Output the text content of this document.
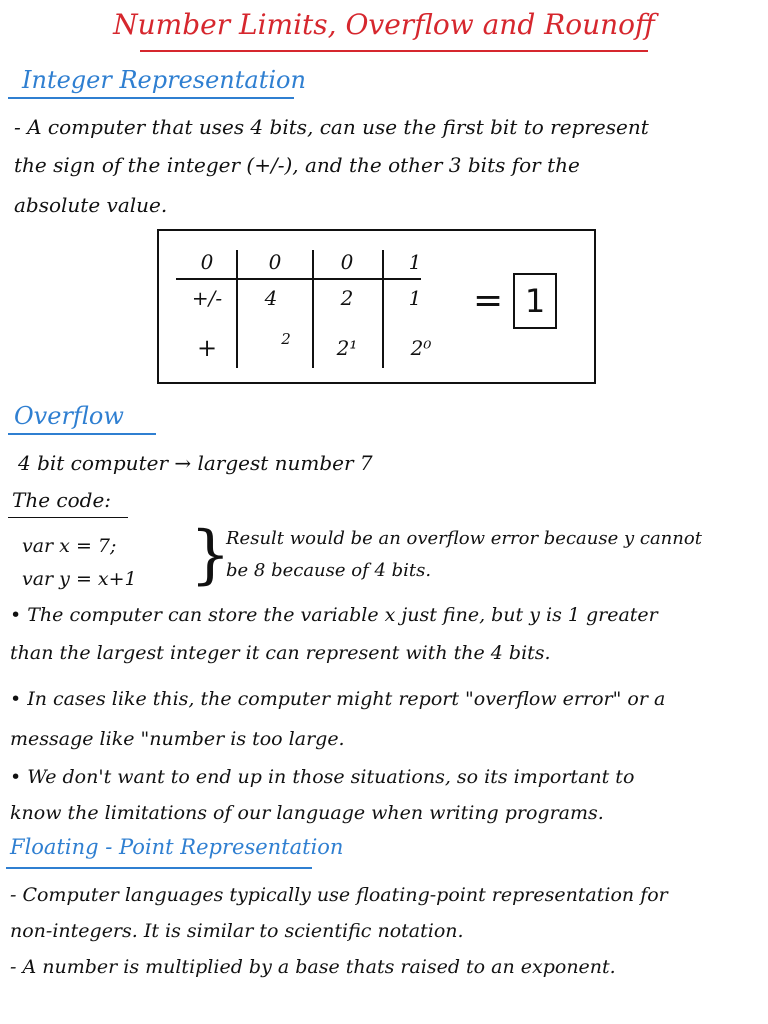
Number Limits, Overflow and Rounoff
Integer Representation
- A computer that uses 4 bits, can use the first bit to represent
the sign of the integer (+/-), and the other 3 bits for the
absolute value.
0	0	0	1
+/-	4	2	1
+	2	2¹	2⁰
= 1
Overflow
4 bit computer → largest number 7
The code:
var x = 7;
var y = x+1 }
Result would be an overflow error because y cannot
be 8 because of 4 bits.
• The computer can store the variable x just fine, but y is 1 greater
than the largest integer it can represent with the 4 bits.
• In cases like this, the computer might report "overflow error" or a
message like "number is too large.
• We don't want to end up in those situations, so its important to
know the limitations of our language when writing programs.
Floating - Point Representation
- Computer languages typically use floating-point representation for
non-integers. It is similar to scientific notation.
- A number is multiplied by a base thats raised to an exponent.
